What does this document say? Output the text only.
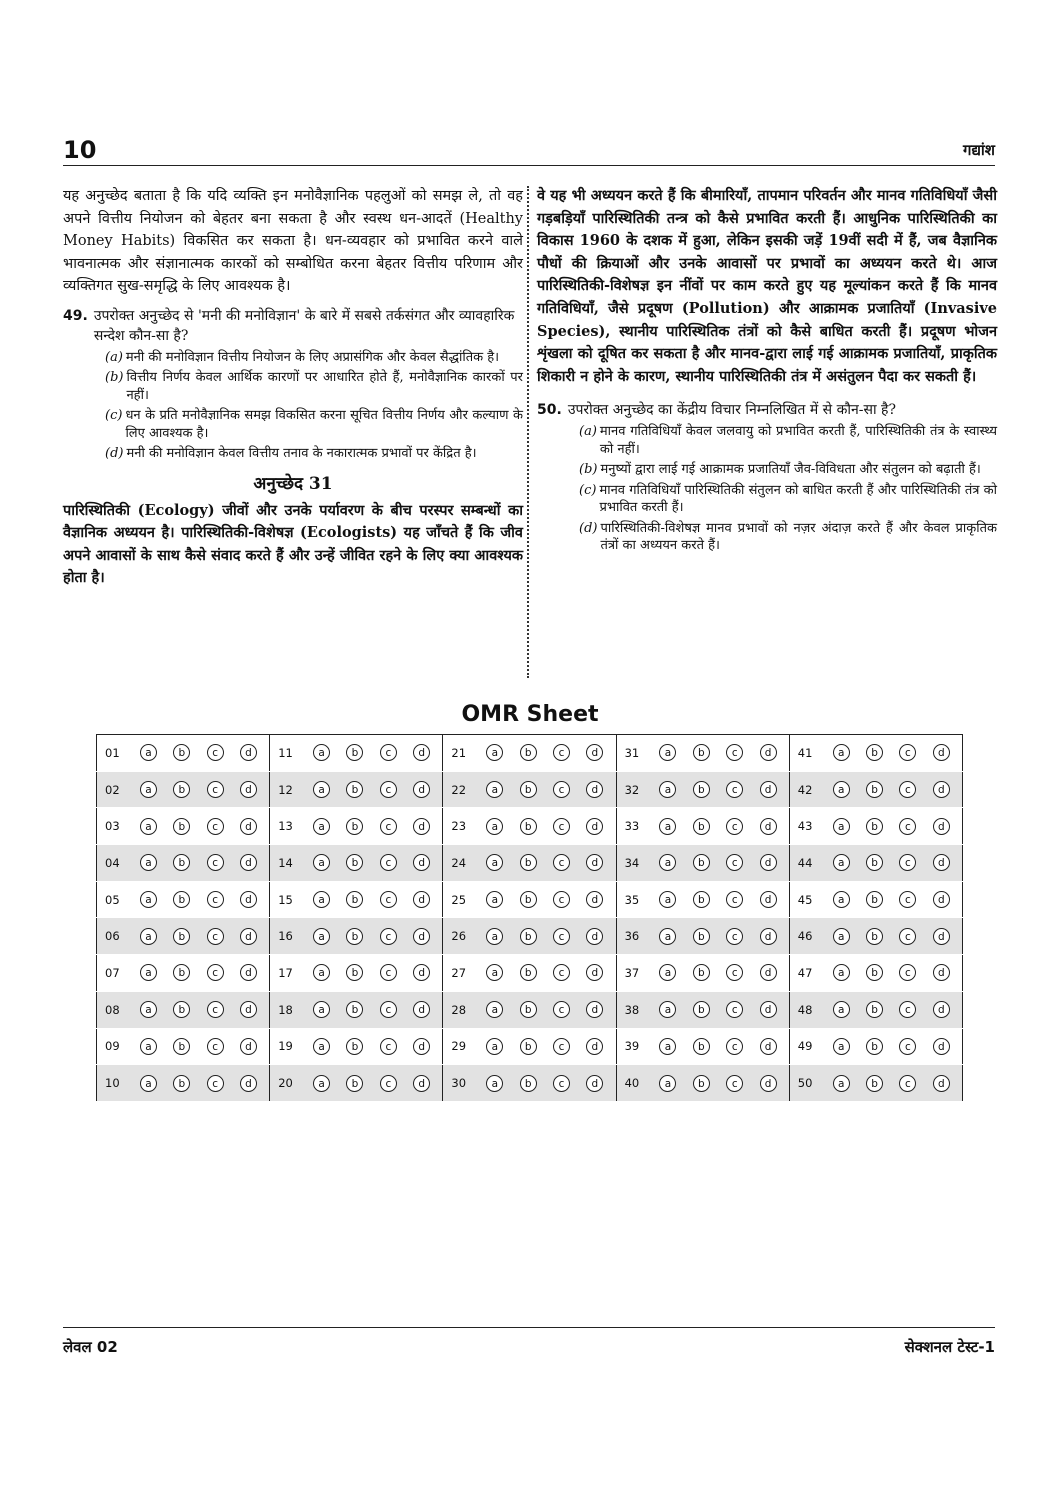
10	गद्यांश

यह अनुच्छेद बताता है कि यदि व्यक्ति इन मनोवैज्ञानिक पहलुओं को समझ ले, तो वह अपने वित्तीय नियोजन को बेहतर बना सकता है और स्वस्थ धन-आदतें (Healthy Money Habits) विकसित कर सकता है। धन-व्यवहार को प्रभावित करने वाले भावनात्मक और संज्ञानात्मक कारकों को सम्बोधित करना बेहतर वित्तीय परिणाम और व्यक्तिगत सुख-समृद्धि के लिए आवश्यक है।

49. उपरोक्त अनुच्छेद से 'मनी की मनोविज्ञान' के बारे में सबसे तर्कसंगत और व्यावहारिक सन्देश कौन-सा है?
(a) मनी की मनोविज्ञान वित्तीय नियोजन के लिए अप्रासंगिक और केवल सैद्धांतिक है।
(b) वित्तीय निर्णय केवल आर्थिक कारणों पर आधारित होते हैं, मनोवैज्ञानिक कारकों पर नहीं।
(c) धन के प्रति मनोवैज्ञानिक समझ विकसित करना सूचित वित्तीय निर्णय और कल्याण के लिए आवश्यक है।
(d) मनी की मनोविज्ञान केवल वित्तीय तनाव के नकारात्मक प्रभावों पर केंद्रित है।
अनुच्छेद 31

पारिस्थितिकी (Ecology) जीवों और उनके पर्यावरण के बीच परस्पर सम्बन्धों का वैज्ञानिक अध्ययन है। पारिस्थितिकी-विशेषज्ञ (Ecologists) यह जाँचते हैं कि जीव अपने आवासों के साथ कैसे संवाद करते हैं और उन्हें जीवित रहने के लिए क्या आवश्यक होता है।

वे यह भी अध्ययन करते हैं कि बीमारियाँ, तापमान परिवर्तन और मानव गतिविधियाँ जैसी गड़बड़ियाँ पारिस्थितिकी तन्त्र को कैसे प्रभावित करती हैं। आधुनिक पारिस्थितिकी का विकास 1960 के दशक में हुआ, लेकिन इसकी जड़ें 19वीं सदी में हैं, जब वैज्ञानिक पौधों की क्रियाओं और उनके आवासों पर प्रभावों का अध्ययन करते थे। आज पारिस्थितिकी-विशेषज्ञ इन नींवों पर काम करते हुए यह मूल्यांकन करते हैं कि मानव गतिविधियाँ, जैसे प्रदूषण (Pollution) और आक्रामक प्रजातियाँ (Invasive Species), स्थानीय पारिस्थितिक तंत्रों को कैसे बाधित करती हैं। प्रदूषण भोजन शृंखला को दूषित कर सकता है और मानव-द्वारा लाई गई आक्रामक प्रजातियाँ, प्राकृतिक शिकारी न होने के कारण, स्थानीय पारिस्थितिकी तंत्र में असंतुलन पैदा कर सकती हैं।

50. उपरोक्त अनुच्छेद का केंद्रीय विचार निम्नलिखित में से कौन-सा है?
(a) मानव गतिविधियाँ केवल जलवायु को प्रभावित करती हैं, पारिस्थितिकी तंत्र के स्वास्थ्य को नहीं।
(b) मनुष्यों द्वारा लाई गई आक्रामक प्रजातियाँ जैव-विविधता और संतुलन को बढ़ाती हैं।
(c) मानव गतिविधियाँ पारिस्थितिकी संतुलन को बाधित करती हैं और पारिस्थितिकी तंत्र को प्रभावित करती हैं।
(d) पारिस्थितिकी-विशेषज्ञ मानव प्रभावों को नज़र अंदाज़ करते हैं और केवल प्राकृतिक तंत्रों का अध्ययन करते हैं।
OMR Sheet
01	a b c d	11	a b c d	21	a b c d	31	a b c d	41	a b c d

02	a b c d	12	a b c d	22	a b c d	32	a b c d	42	a b c d

03	a b c d	13	a b c d	23	a b c d	33	a b c d	43	a b c d

04	a b c d	14	a b c d	24	a b c d	34	a b c d	44	a b c d

05	a b c d	15	a b c d	25	a b c d	35	a b c d	45	a b c d

06	a b c d	16	a b c d	26	a b c d	36	a b c d	46	a b c d

07	a b c d	17	a b c d	27	a b c d	37	a b c d	47	a b c d

08	a b c d	18	a b c d	28	a b c d	38	a b c d	48	a b c d

09	a b c d	19	a b c d	29	a b c d	39	a b c d	49	a b c d

10	a b c d	20	a b c d	30	a b c d	40	a b c d	50	a b c d
लेवल 02	सेक्शनल टेस्ट-1
